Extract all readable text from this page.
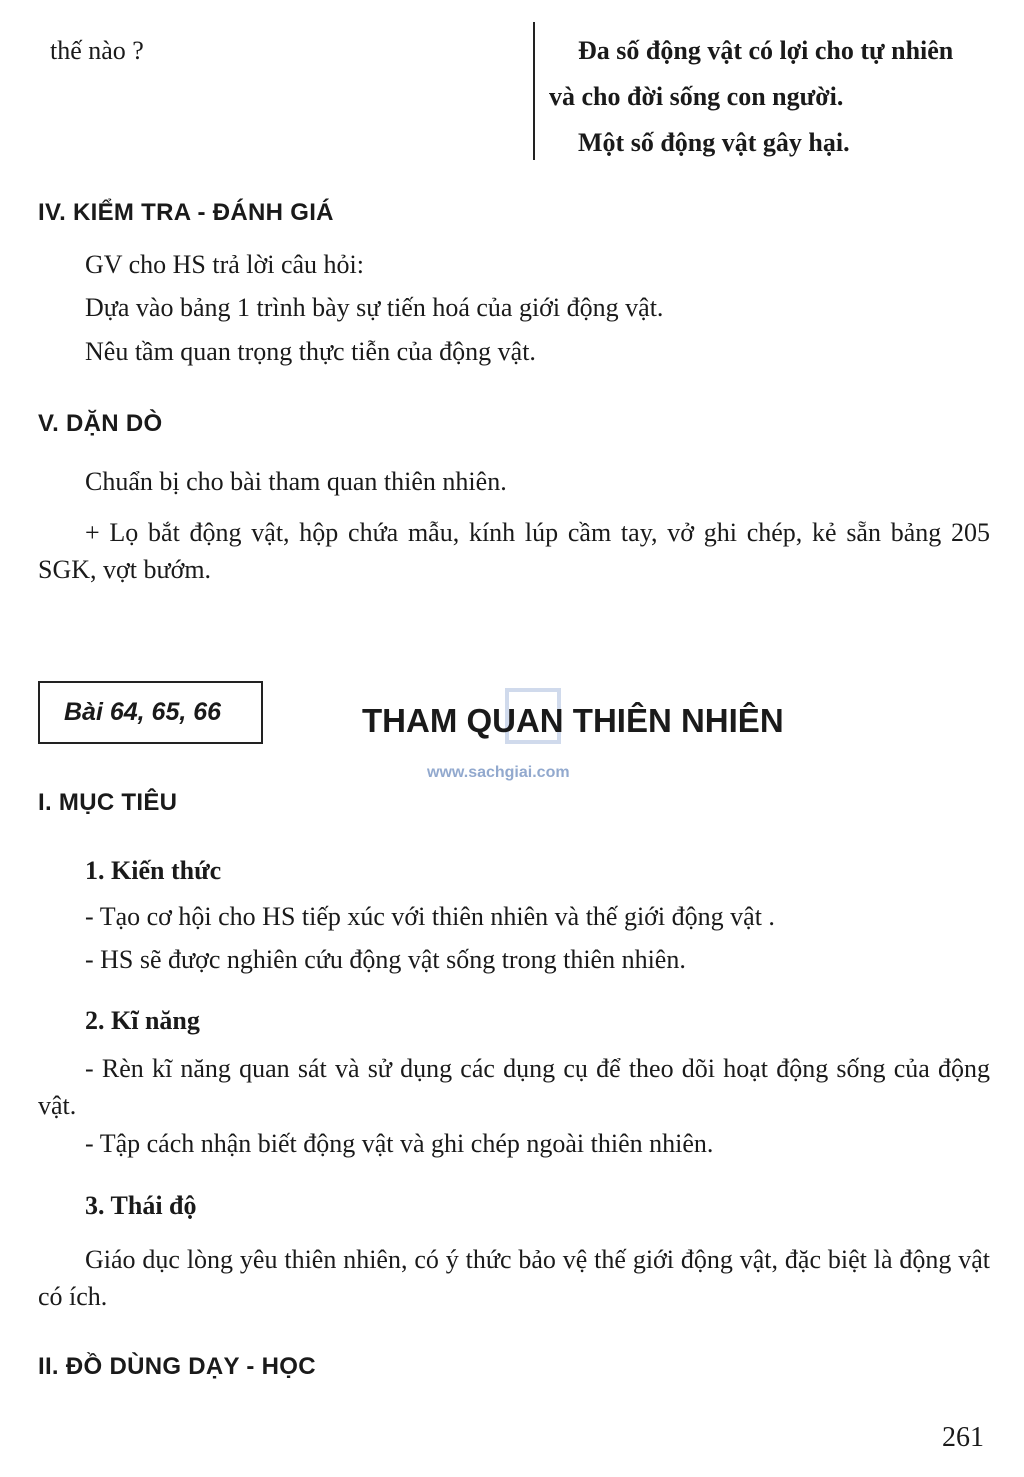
thế nào ?	Đa số động vật có lợi cho tự nhiên
và cho đời sống con người.
Một số động vật gây hại.
IV. KIỂM TRA - ĐÁNH GIÁ
GV cho HS trả lời câu hỏi:
Dựa vào bảng 1 trình bày sự tiến hoá của giới động vật.
Nêu tầm quan trọng thực tiễn của động vật.
V. DẶN DÒ
Chuẩn bị cho bài tham quan thiên nhiên.
+ Lọ bắt động vật, hộp chứa mẫu, kính lúp cầm tay, vở ghi chép, kẻ sẵn bảng 205 SGK, vợt bướm.
Bài 64, 65, 66	THAM QUAN THIÊN NHIÊN
www.sachgiai.com
I. MỤC TIÊU
1. Kiến thức
- Tạo cơ hội cho HS tiếp xúc với thiên nhiên và thế giới động vật .
- HS sẽ được nghiên cứu động vật sống trong thiên nhiên.
2. Kĩ năng
- Rèn kĩ năng quan sát và sử dụng các dụng cụ để theo dõi hoạt động sống của động vật.
- Tập cách nhận biết động vật và ghi chép ngoài thiên nhiên.
3. Thái độ
Giáo dục lòng yêu thiên nhiên, có ý thức bảo vệ thế giới động vật, đặc biệt là động vật có ích.
II. ĐỒ DÙNG DẠY - HỌC
261
